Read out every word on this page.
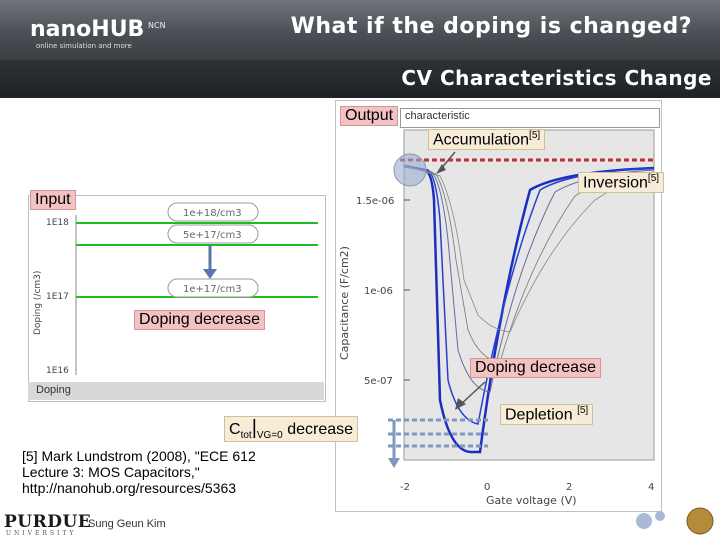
nanoHUB
online simulation and more
NCN	What if the doping is changed?
CV Characteristics Change
characteristic
1.5e-06
1e-06
5e-07
Capacitance (F/cm2)
-2	0	2	4
Gate voltage (V)
1E18
1E17
1E16
Doping (/cm3)
1e+18/cm3
5e+17/cm3
1e+17/cm3
Doping
Output
Input
Accumulation[5]
Inversion[5]
Doping decrease
Doping decrease
Depletion [5]
$C_{tot}|_{VG=0}$ decrease
[5] Mark Lundstrom (2008), "ECE 612
Lecture 3: MOS Capacitors,"
http://nanohub.org/resources/5363
PURDUE
UNIVERSITY
Sung Geun Kim
